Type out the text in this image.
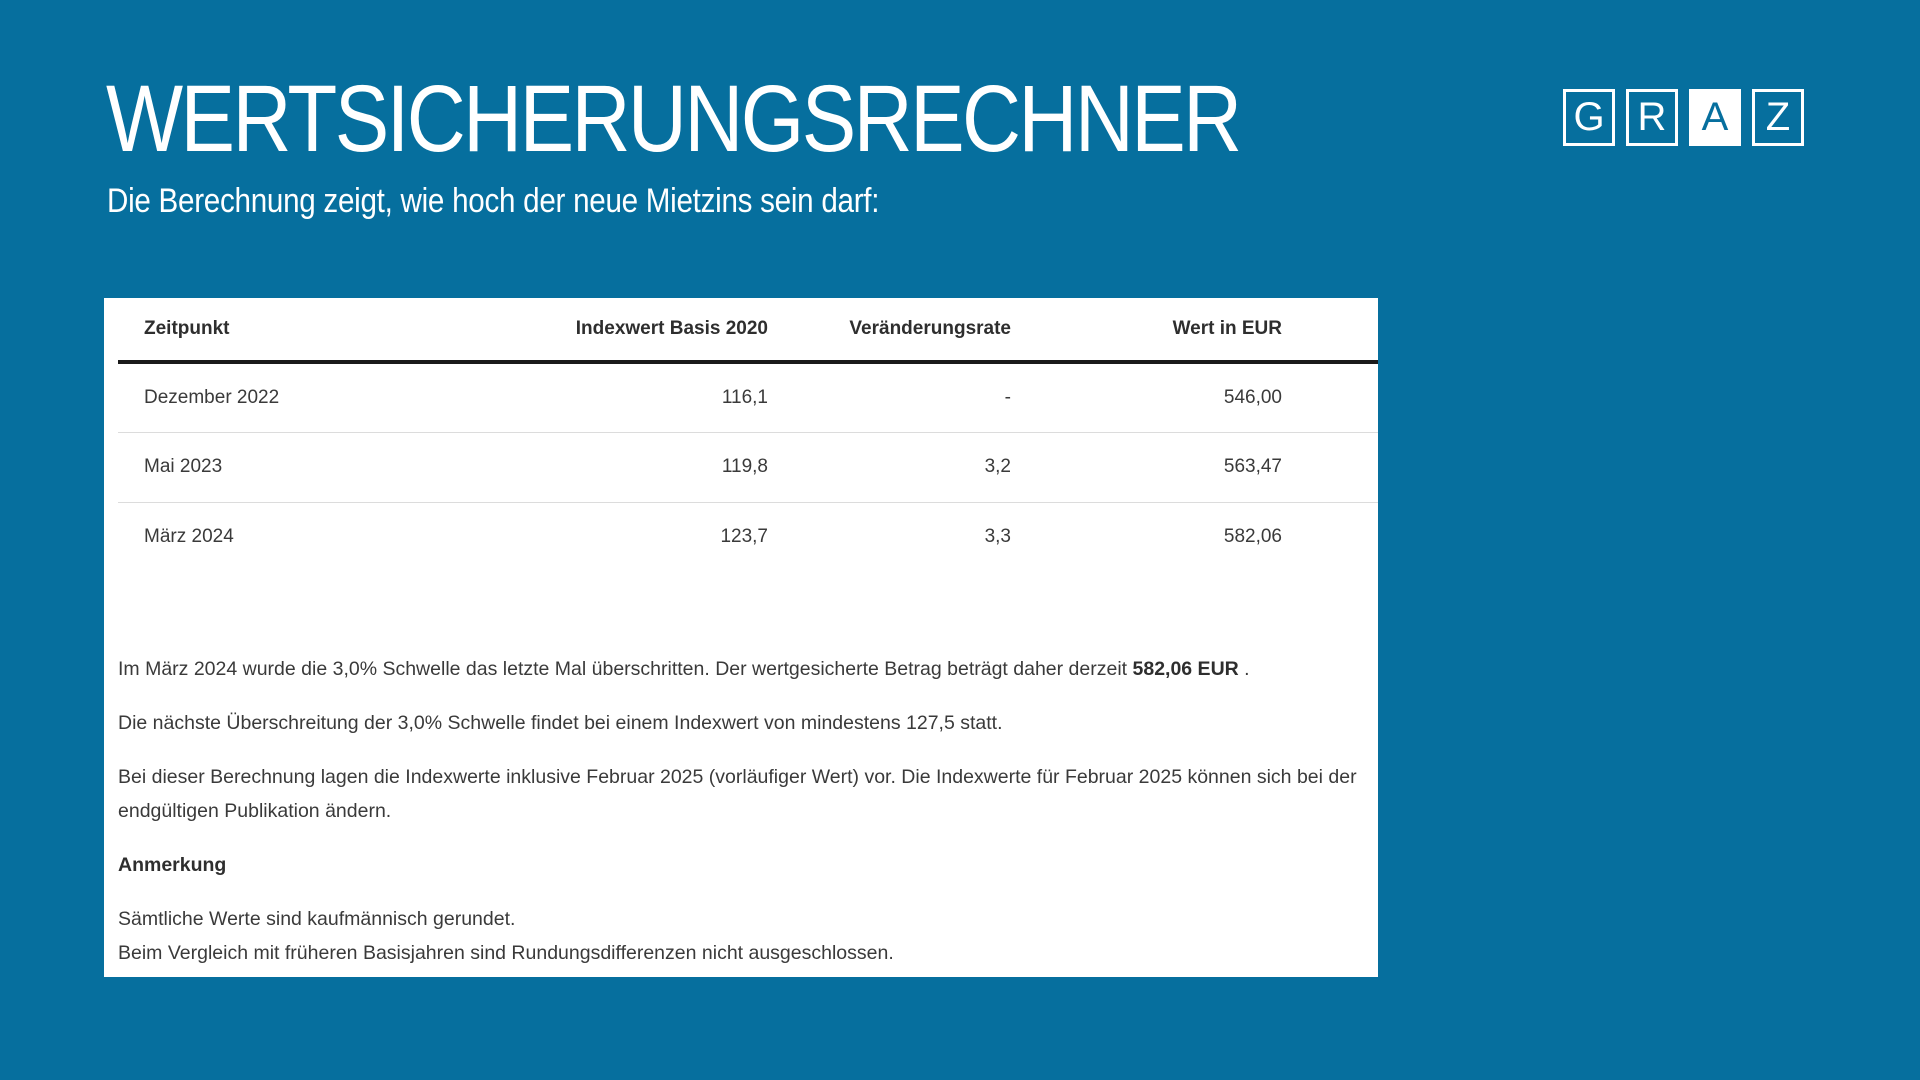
WERTSICHERUNGSRECHNER
Die Berechnung zeigt, wie hoch der neue Mietzins sein darf:
G R A Z
Zeitpunkt	Indexwert Basis 2020	Veränderungsrate	Wert in EUR	
Dezember 2022	116,1	-	546,00	
Mai 2023	119,8	3,2	563,47	
März 2024	123,7	3,3	582,06	

Im März 2024 wurde die 3,0% Schwelle das letzte Mal überschritten. Der wertgesicherte Betrag beträgt daher derzeit 582,06 EUR .

Die nächste Überschreitung der 3,0% Schwelle findet bei einem Indexwert von mindestens 127,5 statt.

Bei dieser Berechnung lagen die Indexwerte inklusive Februar 2025 (vorläufiger Wert) vor. Die Indexwerte für Februar 2025 können sich bei der endgültigen Publikation ändern.

Anmerkung

Sämtliche Werte sind kaufmännisch gerundet.
Beim Vergleich mit früheren Basisjahren sind Rundungsdifferenzen nicht ausgeschlossen.
